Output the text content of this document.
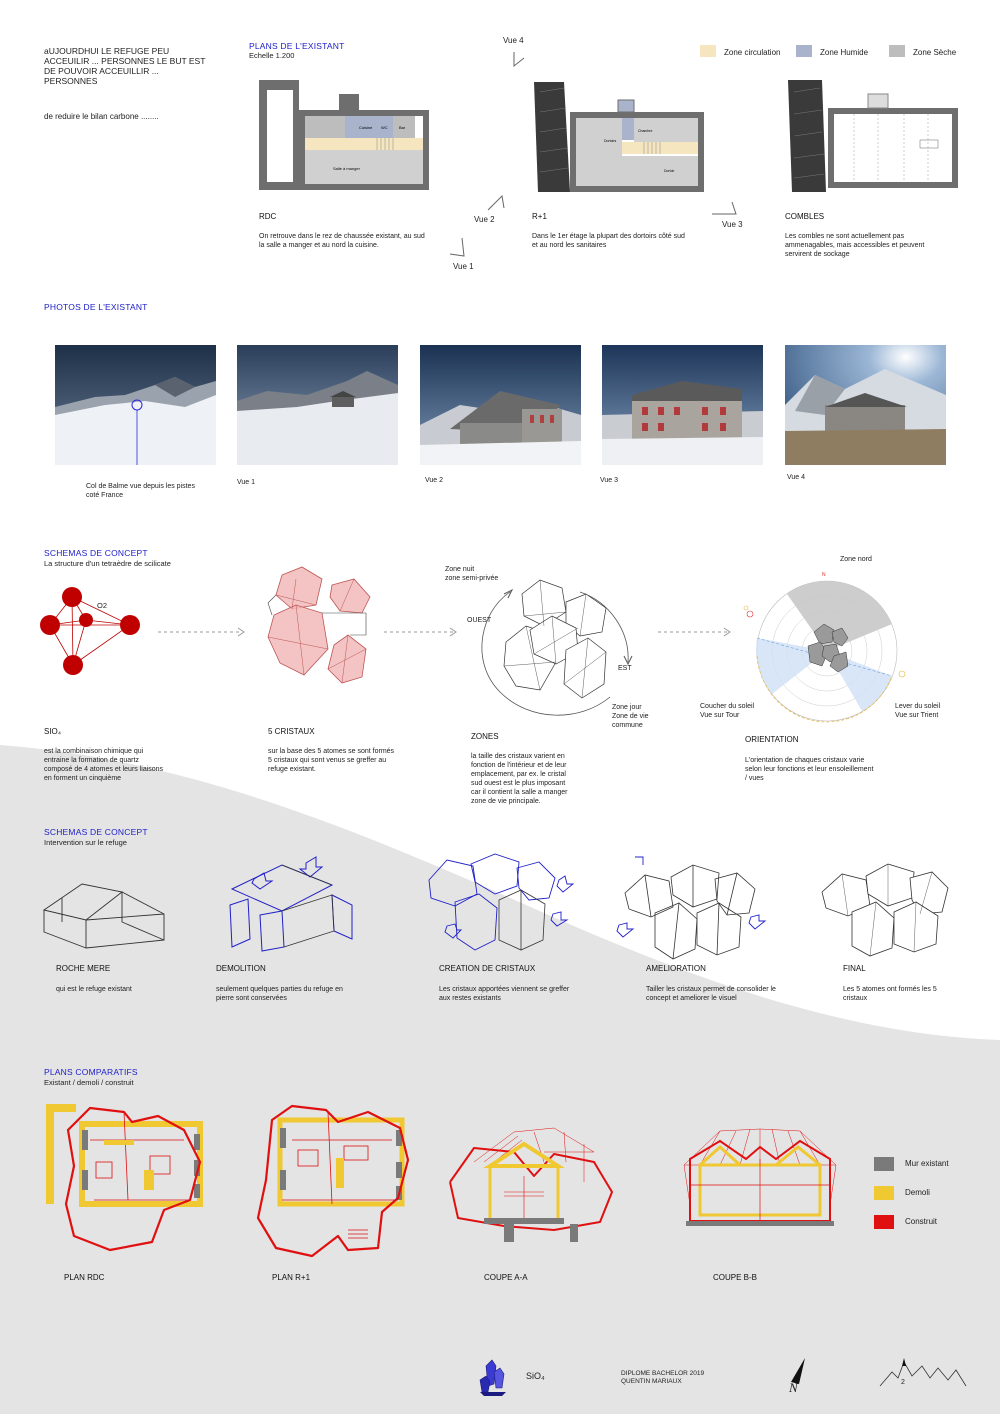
aUJOURDHUI LE REFUGE PEU ACCEUILIR ... PERSONNES LE BUT EST DE POUVOIR ACCEUILLIR ... PERSONNES
de reduire le bilan carbone ........
PLANS DE L'EXISTANT
Echelle 1.200	Zone circulation	Zone Humide	Zone Sèche
Vue 4
Vue 2
Vue 3
Vue 1
Cuisine WC	Bar
Salle à manger
RDC
On retrouve dans le rez de chaussée existant, au sud la salle a manger et au nord la cuisine.
Dortoirs
Chambre
Dortoir
R+1
Dans le 1er étage la plupart des dortoirs côté sud et au nord les sanitaires
COMBLES
Les combles ne sont actuellement pas ammenagables, mais accessibles et peuvent servirent de sockage
PHOTOS DE L'EXISTANT
Col de Balme vue depuis les pistes coté France
Vue 1	Vue 2	Vue 3	Vue 4
SCHEMAS DE CONCEPT
La structure d'un tetraèdre de scilicate
O2
Zone nuit
zone semi-privée
OUEST
EST
Zone jour
Zone de vie
commune
Zone nord
N
Coucher du soleil
Vue sur Tour
Lever du soleil
Vue sur Trient
SIO₄
est la combinaison chimique qui entraine la formation de quartz composé de 4 atomes et leurs liaisons en forment un cinquième
5 CRISTAUX
sur la base des 5 atomes se sont formés 5 cristaux qui sont venus se greffer au refuge existant.
ZONES
la taille des cristaux varient en fonction de l'intérieur et de leur emplacement, par ex. le cristal sud ouest est le plus imposant car il contient la salle a manger zone de vie principale.
ORIENTATION
L'orientation de chaques cristaux varie selon leur fonctions et leur ensoleillement / vues
SCHEMAS DE CONCEPT
Intervention sur le refuge
ROCHE MERE
qui est le refuge existant
DEMOLITION
seulement quelques parties du refuge en pierre sont conservées
CREATION DE CRISTAUX
Les cristaux apportées viennent se greffer aux restes existants
AMELIORATION
Tailler les cristaux permet de consolider le concept et ameliorer le visuel
FINAL
Les 5 atomes ont formés les 5 cristaux
PLANS COMPARATIFS
Existant / demoli / construit
PLAN RDC	PLAN R+1	COUPE A-A	COUPE B-B
Mur existant
Demoli
Construit
SiO₄	DIPLOME BACHELOR 2019
QUENTIN MARIAUX	N	2
